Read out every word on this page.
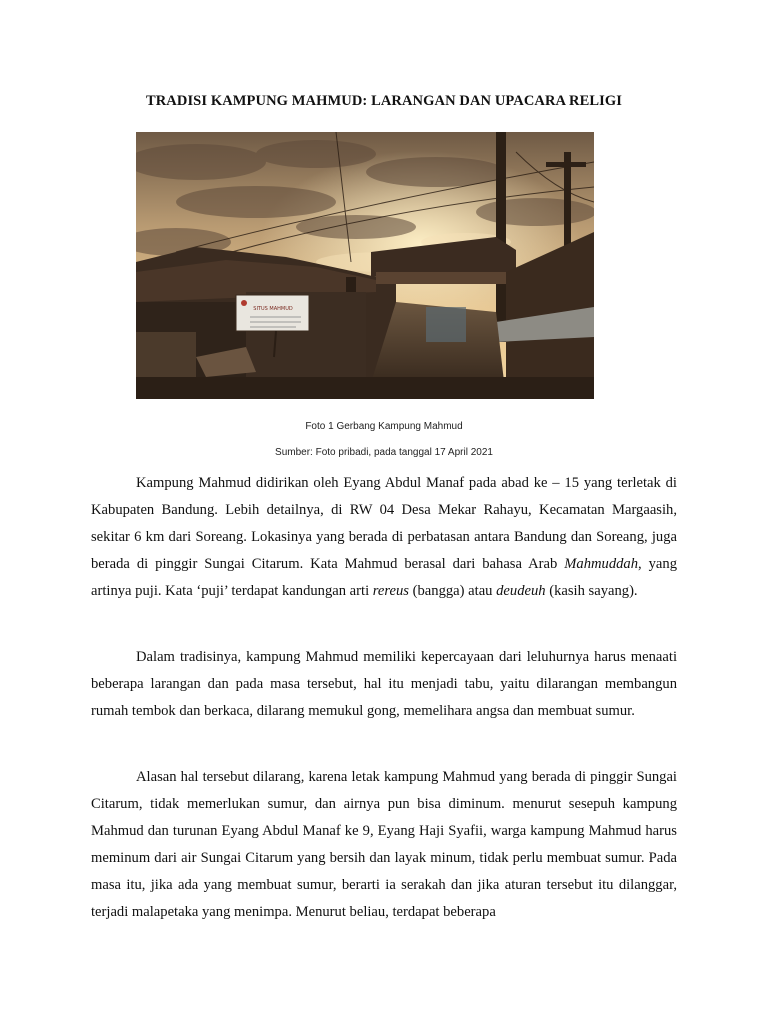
TRADISI KAMPUNG MAHMUD: LARANGAN DAN UPACARA RELIGI
SITUS MAHMUD
Foto 1 Gerbang Kampung Mahmud
Sumber: Foto pribadi, pada tanggal 17 April 2021

Kampung Mahmud didirikan oleh Eyang Abdul Manaf pada abad ke – 15 yang terletak di Kabupaten Bandung. Lebih detailnya, di RW 04 Desa Mekar Rahayu, Kecamatan Margaasih, sekitar 6 km dari Soreang. Lokasinya yang berada di perbatasan antara Bandung dan Soreang, juga berada di pinggir Sungai Citarum. Kata Mahmud berasal dari bahasa Arab Mahmuddah, yang artinya puji. Kata ‘puji’ terdapat kandungan arti rereus (bangga) atau deudeuh (kasih sayang).

Dalam tradisinya, kampung Mahmud memiliki kepercayaan dari leluhurnya harus menaati beberapa larangan dan pada masa tersebut, hal itu menjadi tabu, yaitu dilarangan membangun rumah tembok dan berkaca, dilarang memukul gong, memelihara angsa dan membuat sumur.

Alasan hal tersebut dilarang, karena letak kampung Mahmud yang berada di pinggir Sungai Citarum, tidak memerlukan sumur, dan airnya pun bisa diminum. menurut sesepuh kampung Mahmud dan turunan Eyang Abdul Manaf ke 9, Eyang Haji Syafii, warga kampung Mahmud harus meminum dari air Sungai Citarum yang bersih dan layak minum, tidak perlu membuat sumur. Pada masa itu, jika ada yang membuat sumur, berarti ia serakah dan jika aturan tersebut itu dilanggar, terjadi malapetaka yang menimpa. Menurut beliau, terdapat beberapa
